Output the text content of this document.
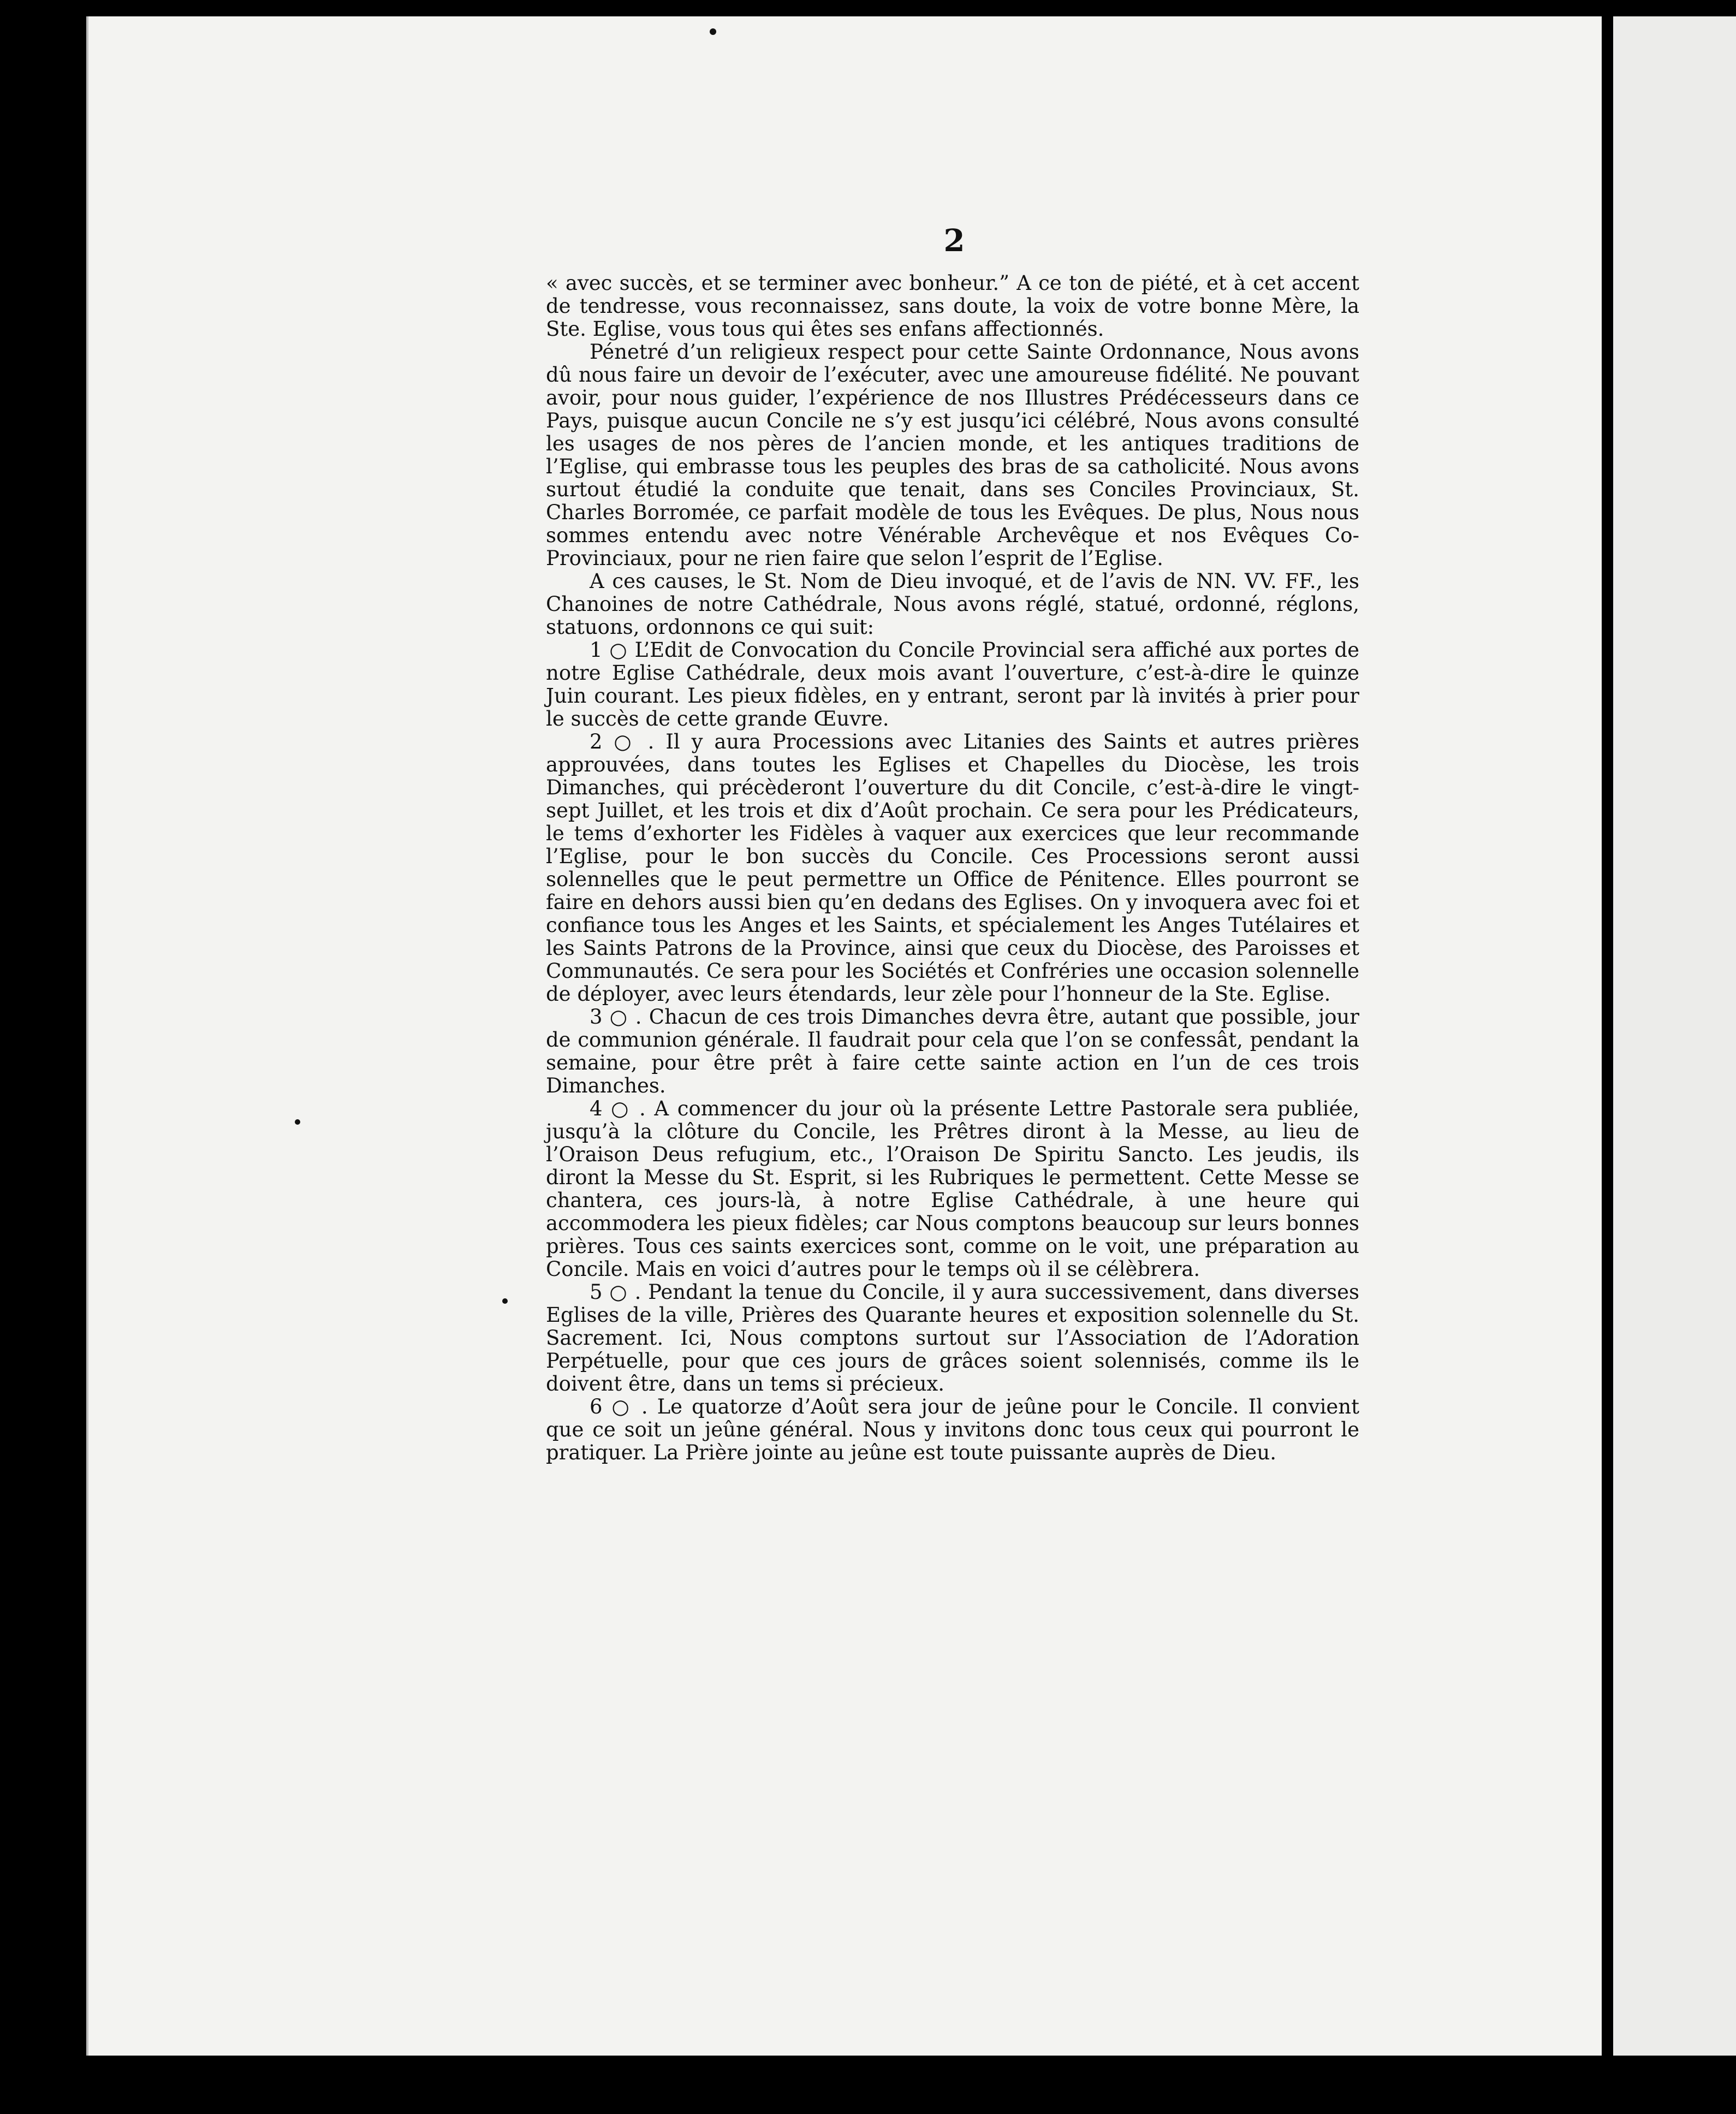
2

« avec succès, et se terminer avec bonheur.” A ce ton de piété, et à cet accent de tendresse, vous reconnaissez, sans doute, la voix de votre bonne Mère, la Ste. Eglise, vous tous qui êtes ses enfans affectionnés.

Pénetré d’un religieux respect pour cette Sainte Ordonnance, Nous avons dû nous faire un devoir de l’exécuter, avec une amoureuse fidélité. Ne pouvant avoir, pour nous guider, l’expérience de nos Illustres Prédécesseurs dans ce Pays, puisque aucun Concile ne s’y est jusqu’ici célébré, Nous avons consulté les usages de nos pères de l’ancien monde, et les antiques traditions de l’Eglise, qui embrasse tous les peuples des bras de sa catholicité. Nous avons surtout étudié la conduite que tenait, dans ses Conciles Provinciaux, St. Charles Borromée, ce parfait modèle de tous les Evêques. De plus, Nous nous sommes entendu avec notre Vénérable Archevêque et nos Evêques Co-Provinciaux, pour ne rien faire que selon l’esprit de l’Eglise.

A ces causes, le St. Nom de Dieu invoqué, et de l’avis de NN. VV. FF., les Chanoines de notre Cathédrale, Nous avons réglé, statué, ordonné, réglons, statuons, ordonnons ce qui suit:

1 ○ L’Edit de Convocation du Concile Provincial sera affiché aux portes de notre Eglise Cathédrale, deux mois avant l’ouverture, c’est-à-dire le quinze Juin courant. Les pieux fidèles, en y entrant, seront par là invités à prier pour le succès de cette grande Œuvre.

2 ○ . Il y aura Processions avec Litanies des Saints et autres prières approuvées, dans toutes les Eglises et Chapelles du Diocèse, les trois Dimanches, qui précèderont l’ouverture du dit Concile, c’est-à-dire le vingt-sept Juillet, et les trois et dix d’Août prochain. Ce sera pour les Prédicateurs, le tems d’exhorter les Fidèles à vaquer aux exercices que leur recommande l’Eglise, pour le bon succès du Concile. Ces Processions seront aussi solennelles que le peut permettre un Office de Pénitence. Elles pourront se faire en dehors aussi bien qu’en dedans des Eglises. On y invoquera avec foi et confiance tous les Anges et les Saints, et spécialement les Anges Tutélaires et les Saints Patrons de la Province, ainsi que ceux du Diocèse, des Paroisses et Communautés. Ce sera pour les Sociétés et Confréries une occasion solennelle de déployer, avec leurs étendards, leur zèle pour l’honneur de la Ste. Eglise.

3 ○ . Chacun de ces trois Dimanches devra être, autant que possible, jour de communion générale. Il faudrait pour cela que l’on se confessât, pendant la semaine, pour être prêt à faire cette sainte action en l’un de ces trois Dimanches.

4 ○ . A commencer du jour où la présente Lettre Pastorale sera publiée, jusqu’à la clôture du Concile, les Prêtres diront à la Messe, au lieu de l’Oraison Deus refugium, etc., l’Oraison De Spiritu Sancto. Les jeudis, ils diront la Messe du St. Esprit, si les Rubriques le permettent. Cette Messe se chantera, ces jours-là, à notre Eglise Cathédrale, à une heure qui accommodera les pieux fidèles; car Nous comptons beaucoup sur leurs bonnes prières. Tous ces saints exercices sont, comme on le voit, une préparation au Concile. Mais en voici d’autres pour le temps où il se célèbrera.

5 ○ . Pendant la tenue du Concile, il y aura successivement, dans diverses Eglises de la ville, Prières des Quarante heures et exposition solennelle du St. Sacrement. Ici, Nous comptons surtout sur l’Association de l’Adoration Perpétuelle, pour que ces jours de grâces soient solennisés, comme ils le doivent être, dans un tems si précieux.

6 ○ . Le quatorze d’Août sera jour de jeûne pour le Concile. Il convient que ce soit un jeûne général. Nous y invitons donc tous ceux qui pourront le pratiquer. La Prière jointe au jeûne est toute puissante auprès de Dieu.
